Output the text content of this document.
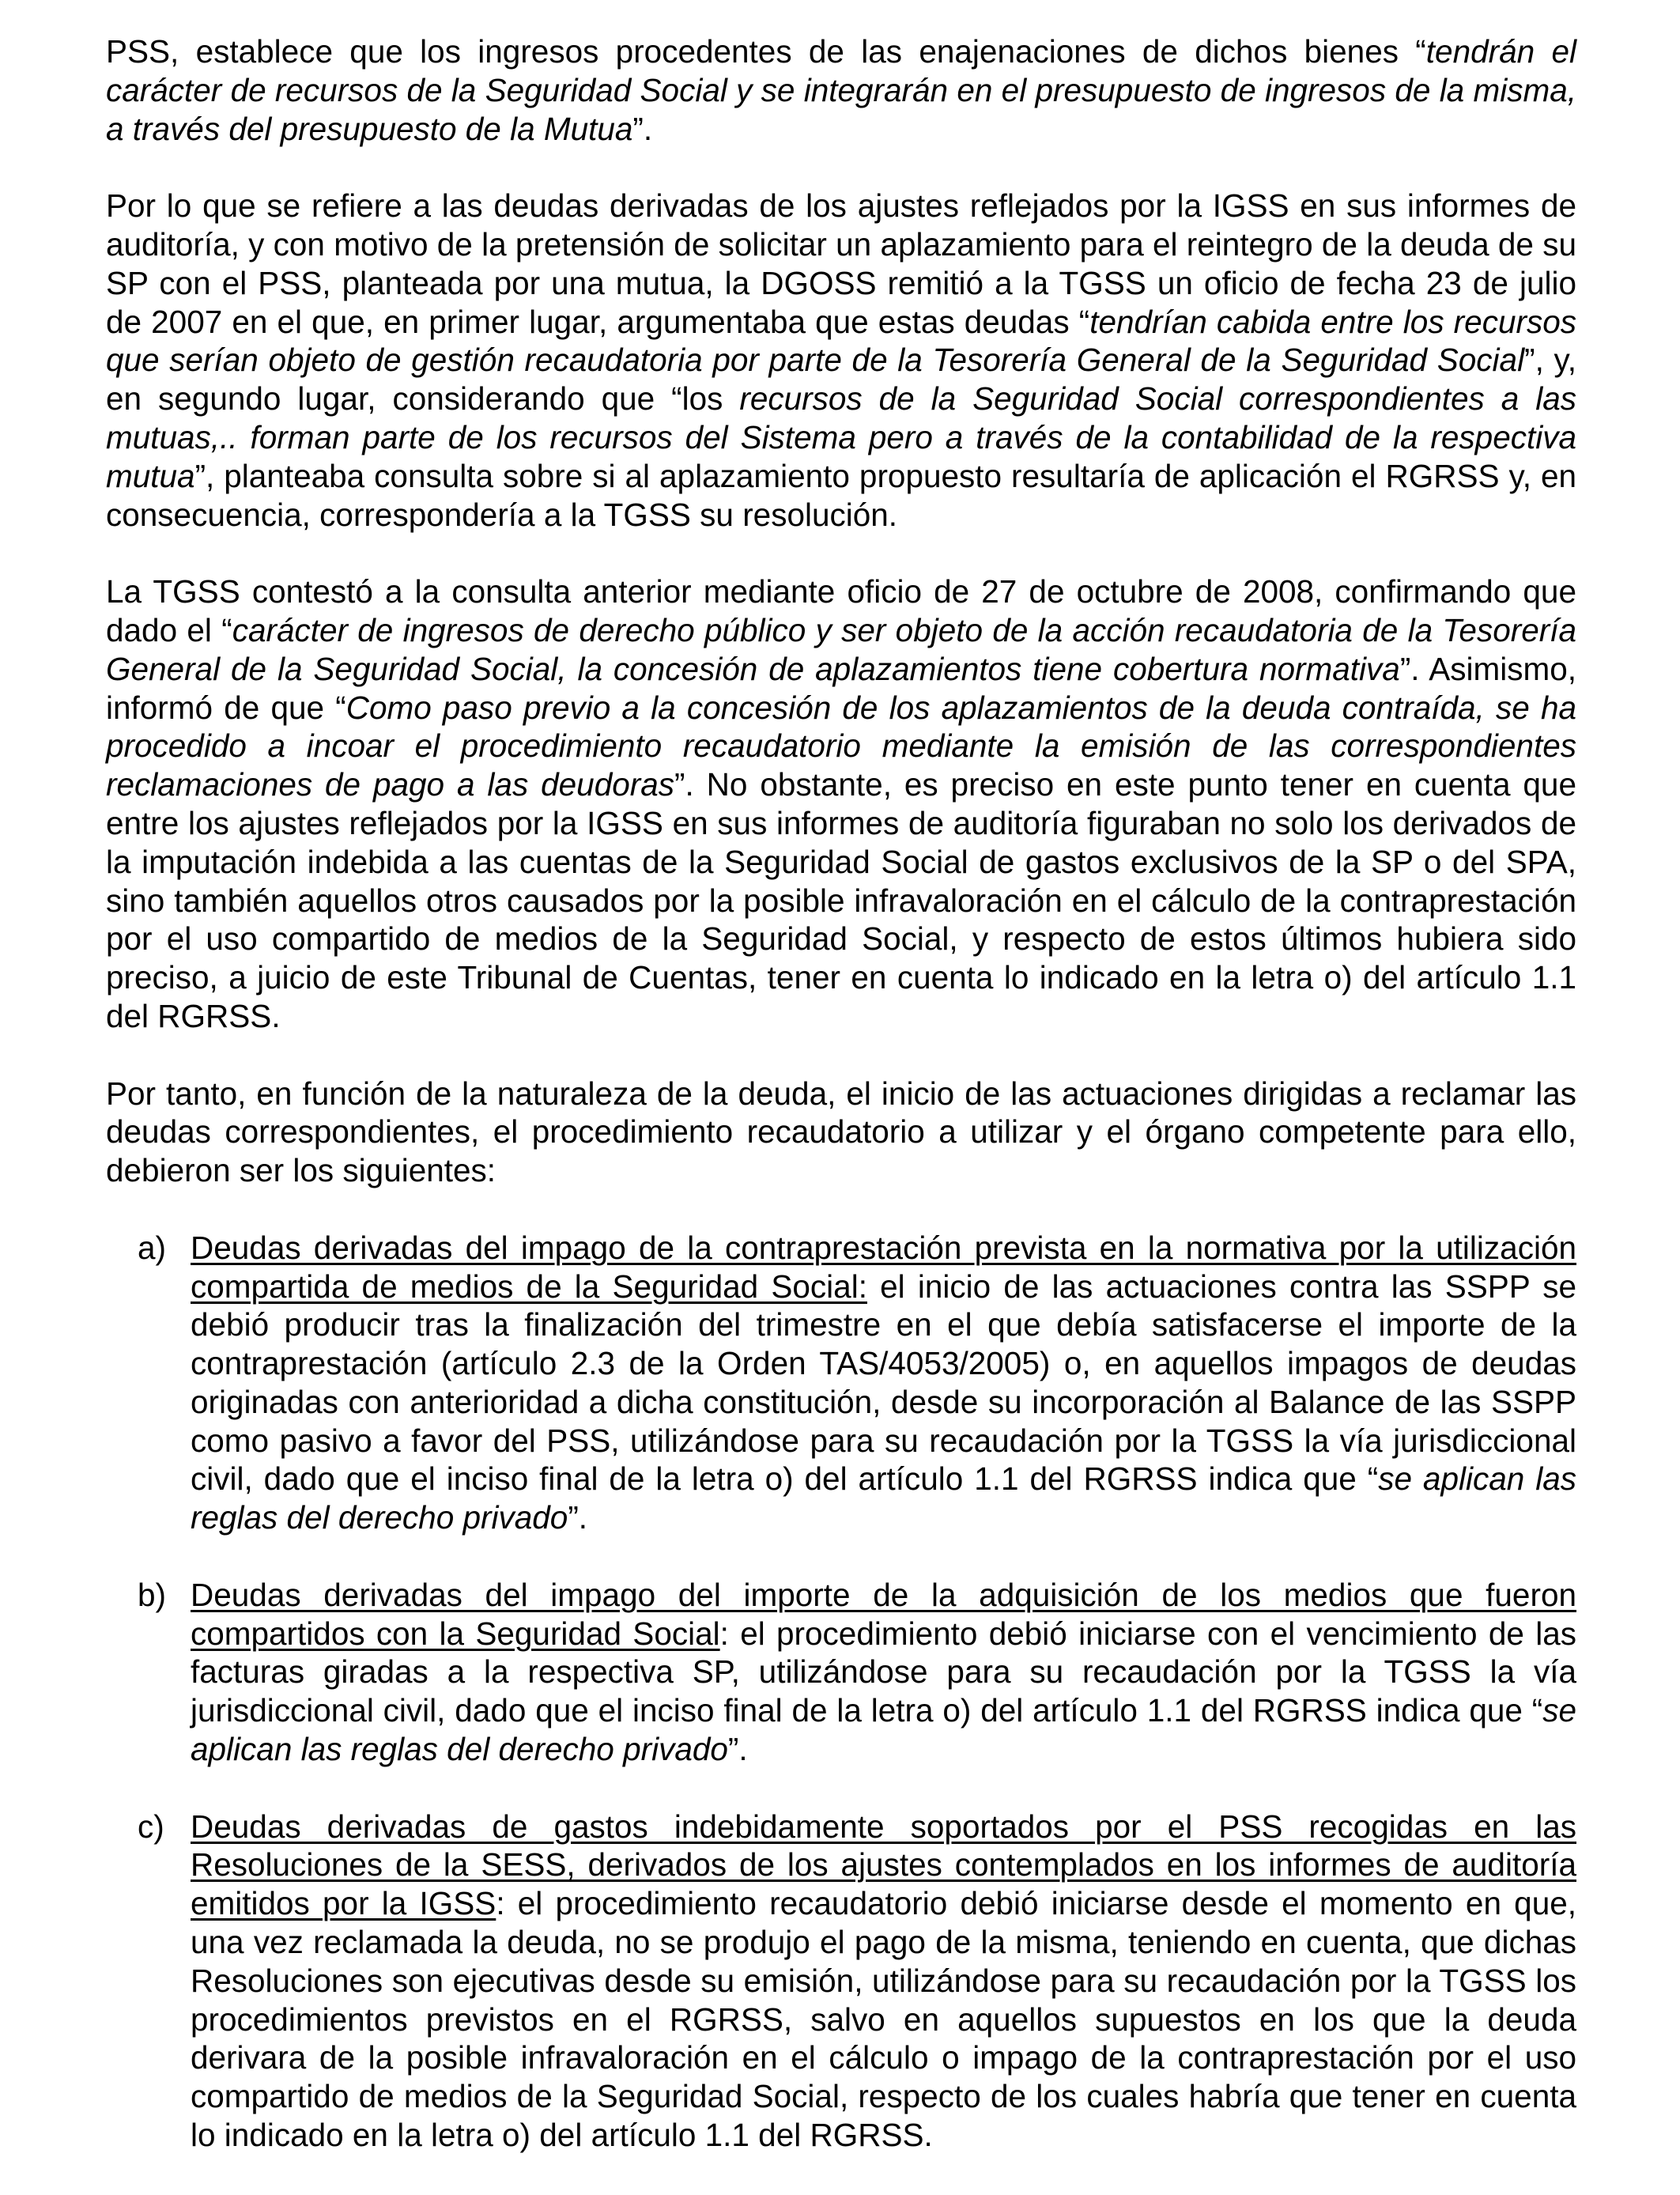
PSS, establece que los ingresos procedentes de las enajenaciones de dichos bienes “tendrán el carácter de recursos de la Seguridad Social y se integrarán en el presupuesto de ingresos de la misma, a través del presupuesto de la Mutua”.

Por lo que se refiere a las deudas derivadas de los ajustes reflejados por la IGSS en sus informes de auditoría, y con motivo de la pretensión de solicitar un aplazamiento para el reintegro de la deuda de su SP con el PSS, planteada por una mutua, la DGOSS remitió a la TGSS un oficio de fecha 23 de julio de 2007 en el que, en primer lugar, argumentaba que estas deudas “tendrían cabida entre los recursos que serían objeto de gestión recaudatoria por parte de la Tesorería General de la Seguridad Social”, y, en segundo lugar, considerando que “los recursos de la Seguridad Social correspondientes a las mutuas,.. forman parte de los recursos del Sistema pero a través de la contabilidad de la respectiva mutua”, planteaba consulta sobre si al aplazamiento propuesto resultaría de aplicación el RGRSS y, en consecuencia, correspondería a la TGSS su resolución.

La TGSS contestó a la consulta anterior mediante oficio de 27 de octubre de 2008, confirmando que dado el “carácter de ingresos de derecho público y ser objeto de la acción recaudatoria de la Tesorería General de la Seguridad Social, la concesión de aplazamientos tiene cobertura normativa”. Asimismo, informó de que “Como paso previo a la concesión de los aplazamientos de la deuda contraída, se ha procedido a incoar el procedimiento recaudatorio mediante la emisión de las correspondientes reclamaciones de pago a las deudoras”. No obstante, es preciso en este punto tener en cuenta que entre los ajustes reflejados por la IGSS en sus informes de auditoría figuraban no solo los derivados de la imputación indebida a las cuentas de la Seguridad Social de gastos exclusivos de la SP o del SPA, sino también aquellos otros causados por la posible infravaloración en el cálculo de la contraprestación por el uso compartido de medios de la Seguridad Social, y respecto de estos últimos hubiera sido preciso, a juicio de este Tribunal de Cuentas, tener en cuenta lo indicado en la letra o) del artículo 1.1 del RGRSS.

Por tanto, en función de la naturaleza de la deuda, el inicio de las actuaciones dirigidas a reclamar las deudas correspondientes, el procedimiento recaudatorio a utilizar y el órgano competente para ello, debieron ser los siguientes:

a) Deudas derivadas del impago de la contraprestación prevista en la normativa por la utilización compartida de medios de la Seguridad Social: el inicio de las actuaciones contra las SSPP se debió producir tras la finalización del trimestre en el que debía satisfacerse el importe de la contraprestación (artículo 2.3 de la Orden TAS/4053/2005) o, en aquellos impagos de deudas originadas con anterioridad a dicha constitución, desde su incorporación al Balance de las SSPP como pasivo a favor del PSS, utilizándose para su recaudación por la TGSS la vía jurisdiccional civil, dado que el inciso final de la letra o) del artículo 1.1 del RGRSS indica que “se aplican las reglas del derecho privado”.
b) Deudas derivadas del impago del importe de la adquisición de los medios que fueron compartidos con la Seguridad Social: el procedimiento debió iniciarse con el vencimiento de las facturas giradas a la respectiva SP, utilizándose para su recaudación por la TGSS la vía jurisdiccional civil, dado que el inciso final de la letra o) del artículo 1.1 del RGRSS indica que “se aplican las reglas del derecho privado”.
c) Deudas derivadas de gastos indebidamente soportados por el PSS recogidas en las Resoluciones de la SESS, derivados de los ajustes contemplados en los informes de auditoría emitidos por la IGSS: el procedimiento recaudatorio debió iniciarse desde el momento en que, una vez reclamada la deuda, no se produjo el pago de la misma, teniendo en cuenta, que dichas Resoluciones son ejecutivas desde su emisión, utilizándose para su recaudación por la TGSS los procedimientos previstos en el RGRSS, salvo en aquellos supuestos en los que la deuda derivara de la posible infravaloración en el cálculo o impago de la contraprestación por el uso compartido de medios de la Seguridad Social, respecto de los cuales habría que tener en cuenta lo indicado en la letra o) del artículo 1.1 del RGRSS.
